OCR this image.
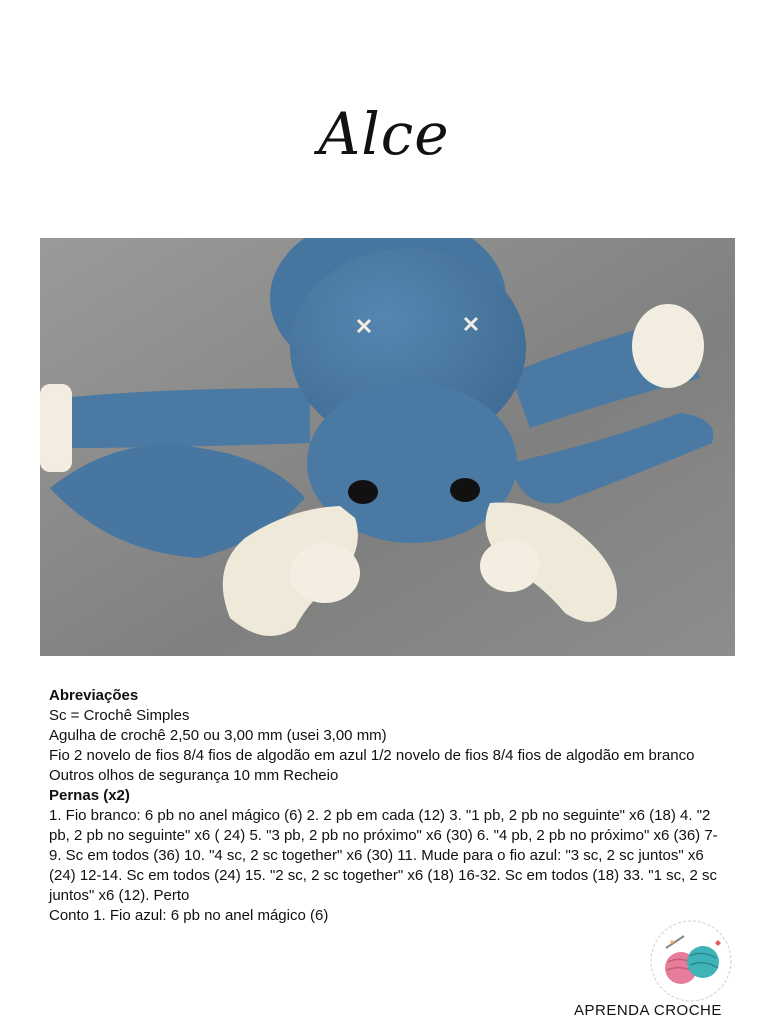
Alce

Abreviações

Sc = Crochê Simples

Agulha de crochê 2,50 ou 3,00 mm (usei 3,00 mm)

Fio 2 novelo de fios 8/4 fios de algodão em azul 1/2 novelo de fios 8/4 fios de algodão em branco

Outros olhos de segurança 10 mm Recheio

Pernas (x2)

1. Fio branco: 6 pb no anel mágico (6) 2. 2 pb em cada (12) 3. "1 pb, 2 pb no seguinte" x6 (18) 4. "2 pb, 2 pb no seguinte" x6 ( 24) 5. "3 pb, 2 pb no próximo" x6 (30) 6. "4 pb, 2 pb no próximo" x6 (36) 7-9. Sc em todos (36) 10. "4 sc, 2 sc together" x6 (30) 11. Mude para o fio azul: "3 sc, 2 sc juntos" x6 (24) 12-14. Sc em todos (24) 15. "2 sc, 2 sc together" x6 (18) 16-32. Sc em todos (18) 33. "1 sc, 2 sc juntos" x6 (12). Perto

Conto 1. Fio azul: 6 pb no anel mágico (6)

APRENDA CROCHE
